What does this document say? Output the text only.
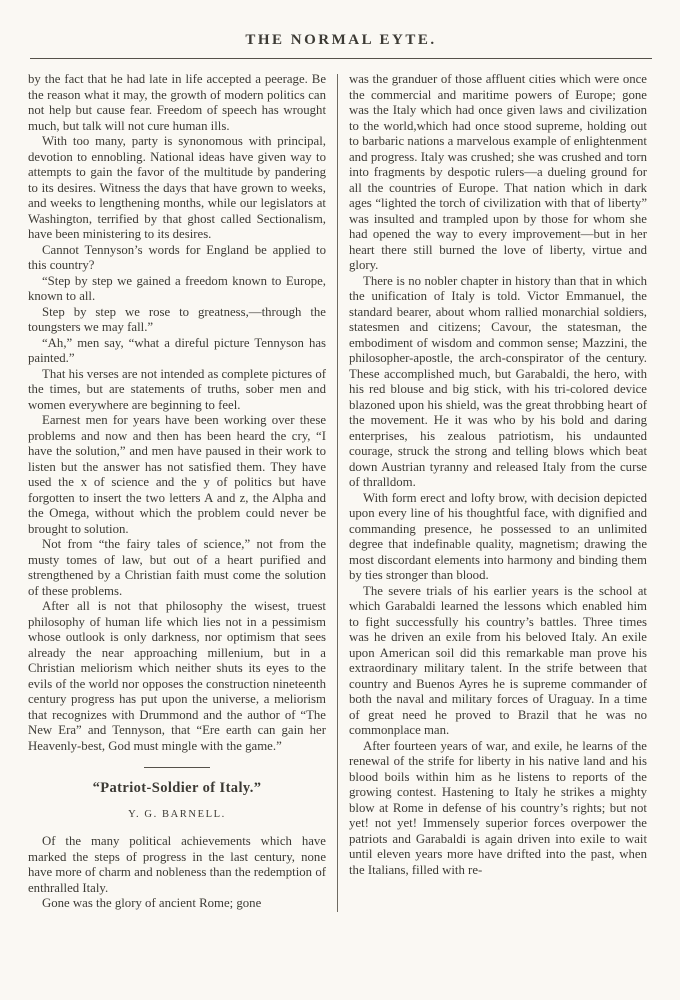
THE NORMAL EYTE.

by the fact that he had late in life accepted a peerage. Be the reason what it may, the growth of modern politics can not help but cause fear. Freedom of speech has wrought much, but talk will not cure human ills.

With too many, party is synonomous with principal, devotion to ennobling. National ideas have given way to attempts to gain the favor of the multitude by pandering to its desires. Witness the days that have grown to weeks, and weeks to lengthening months, while our legislators at Washington, terrified by that ghost called Sectionalism, have been ministering to its desires.

Cannot Tennyson’s words for England be applied to this country?

“Step by step we gained a freedom known to Europe, known to all.

Step by step we rose to greatness,—through the toungsters we may fall.”

“Ah,” men say, “what a direful picture Tennyson has painted.”

That his verses are not intended as complete pictures of the times, but are statements of truths, sober men and women everywhere are beginning to feel.

Earnest men for years have been working over these problems and now and then has been heard the cry, “I have the solution,” and men have paused in their work to listen but the answer has not satisfied them. They have used the x of science and the y of politics but have forgotten to insert the two letters A and z, the Alpha and the Omega, without which the problem could never be brought to solution.

Not from “the fairy tales of science,” not from the musty tomes of law, but out of a heart purified and strengthened by a Christian faith must come the solution of these problems.

After all is not that philosophy the wisest, truest philosophy of human life which lies not in a pessimism whose outlook is only darkness, nor optimism that sees already the near approaching millenium, but in a Christian meliorism which neither shuts its eyes to the evils of the world nor opposes the construction nineteenth century progress has put upon the universe, a meliorism that recognizes with Drummond and the author of “The New Era” and Tennyson, that “Ere earth can gain her Heavenly-best, God must mingle with the game.”

“Patriot-Soldier of Italy.”
Y. G. BARNELL.

Of the many political achievements which have marked the steps of progress in the last century, none have more of charm and nobleness than the redemption of enthralled Italy.

Gone was the glory of ancient Rome; gone

was the granduer of those affluent cities which were once the commercial and maritime powers of Europe; gone was the Italy which had once given laws and civilization to the world,which had once stood supreme, holding out to barbaric nations a marvelous example of enlightenment and progress. Italy was crushed; she was crushed and torn into fragments by despotic rulers—a dueling ground for all the countries of Europe. That nation which in dark ages “lighted the torch of civilization with that of liberty” was insulted and trampled upon by those for whom she had opened the way to every improvement—but in her heart there still burned the love of liberty, virtue and glory.

There is no nobler chapter in history than that in which the unification of Italy is told. Victor Emmanuel, the standard bearer, about whom rallied monarchial soldiers, statesmen and citizens; Cavour, the statesman, the embodiment of wisdom and common sense; Mazzini, the philosopher-apostle, the arch-conspirator of the century. These accomplished much, but Garabaldi, the hero, with his red blouse and big stick, with his tri-colored device blazoned upon his shield, was the great throbbing heart of the movement. He it was who by his bold and daring enterprises, his zealous patriotism, his undaunted courage, struck the strong and telling blows which beat down Austrian tyranny and released Italy from the curse of thralldom.

With form erect and lofty brow, with decision depicted upon every line of his thoughtful face, with dignified and commanding presence, he possessed to an unlimited degree that indefinable quality, magnetism; drawing the most discordant elements into harmony and binding them by ties stronger than blood.

The severe trials of his earlier years is the school at which Garabaldi learned the lessons which enabled him to fight successfully his country’s battles. Three times was he driven an exile from his beloved Italy. An exile upon American soil did this remarkable man prove his extraordinary military talent. In the strife between that country and Buenos Ayres he is supreme commander of both the naval and military forces of Uraguay. In a time of great need he proved to Brazil that he was no commonplace man.

After fourteen years of war, and exile, he learns of the renewal of the strife for liberty in his native land and his blood boils within him as he listens to reports of the growing contest. Hastening to Italy he strikes a mighty blow at Rome in defense of his country’s rights; but not yet! not yet! Immensely superior forces overpower the patriots and Garabaldi is again driven into exile to wait until eleven years more have drifted into the past, when the Italians, filled with re-
